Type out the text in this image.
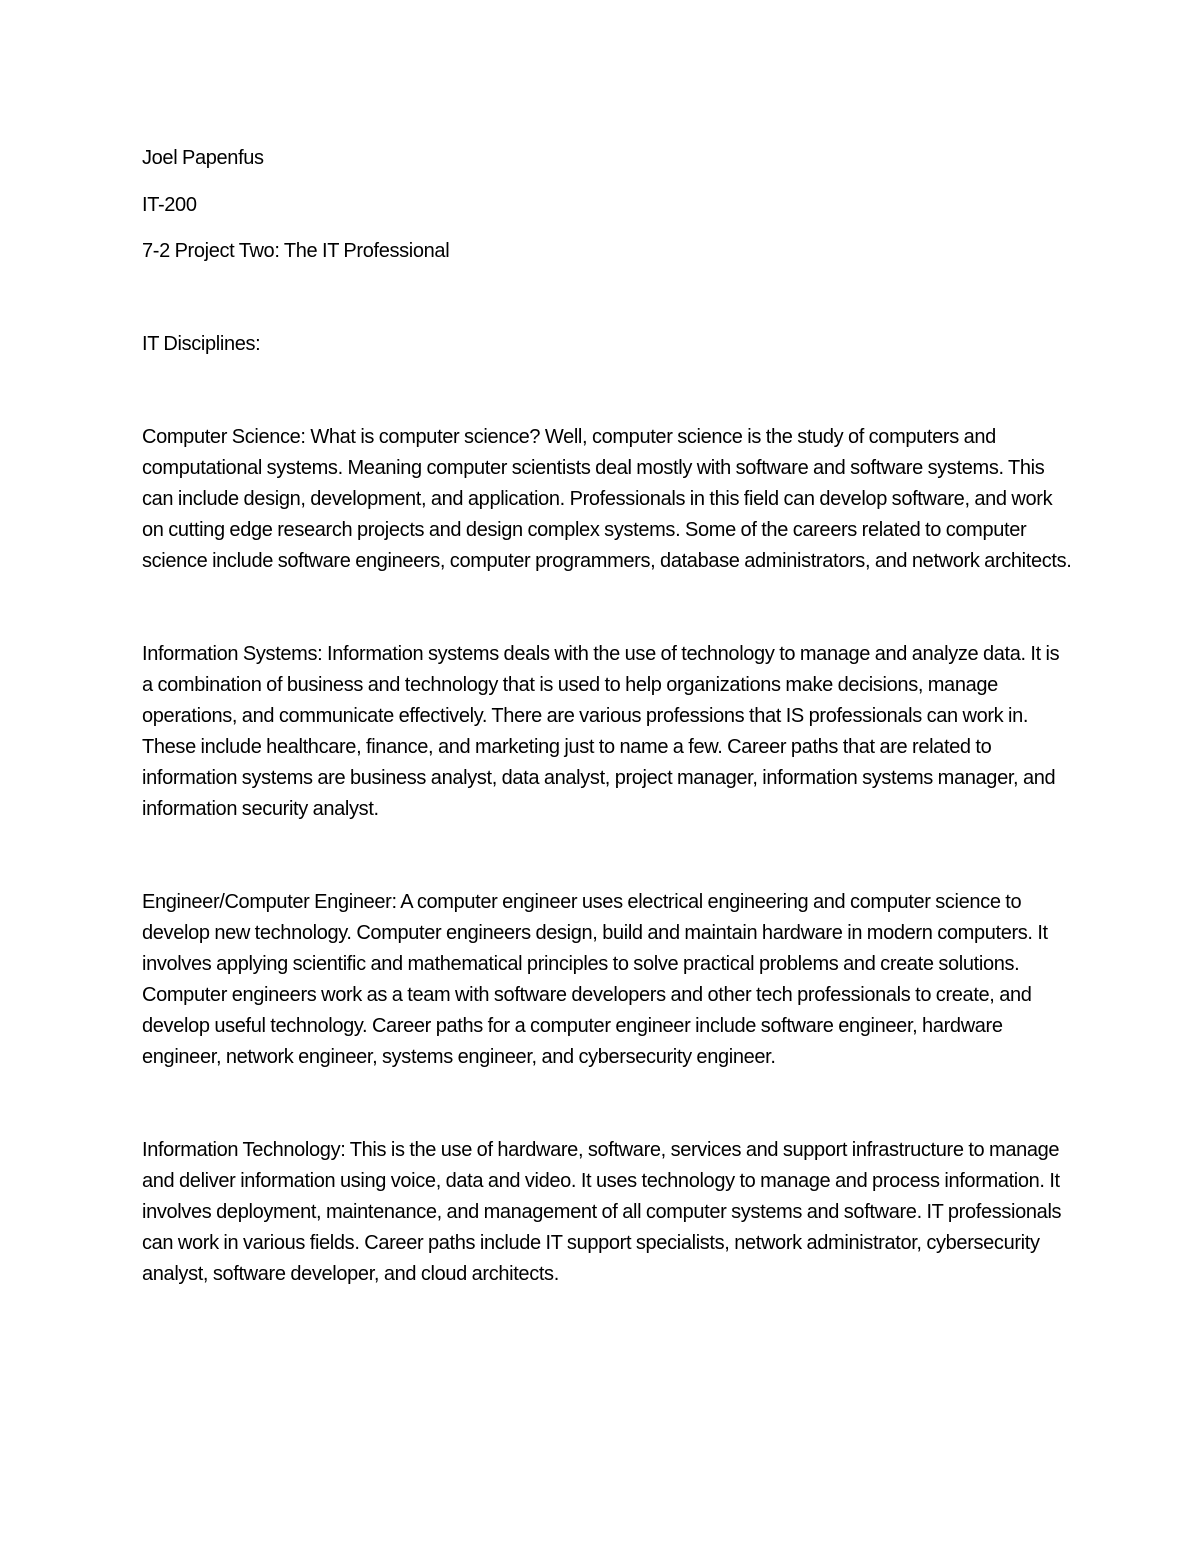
Joel Papenfus
IT-200
7-2 Project Two: The IT Professional
IT Disciplines:

Computer Science: What is computer science? Well, computer science is the study of computers and computational systems. Meaning computer scientists deal mostly with software and software systems. This can include design, development, and application. Professionals in this field can develop software, and work on cutting edge research projects and design complex systems. Some of the careers related to computer science include software engineers, computer programmers, database administrators, and network architects.

Information Systems: Information systems deals with the use of technology to manage and analyze data. It is a combination of business and technology that is used to help organizations make decisions, manage operations, and communicate effectively. There are various professions that IS professionals can work in. These include healthcare, finance, and marketing just to name a few. Career paths that are related to information systems are business analyst, data analyst, project manager, information systems manager, and information security analyst.

Engineer/Computer Engineer: A computer engineer uses electrical engineering and computer science to develop new technology. Computer engineers design, build and maintain hardware in modern computers. It involves applying scientific and mathematical principles to solve practical problems and create solutions. Computer engineers work as a team with software developers and other tech professionals to create, and develop useful technology. Career paths for a computer engineer include software engineer, hardware engineer, network engineer, systems engineer, and cybersecurity engineer.

Information Technology: This is the use of hardware, software, services and support infrastructure to manage and deliver information using voice, data and video. It uses technology to manage and process information. It involves deployment, maintenance, and management of all computer systems and software. IT professionals can work in various fields. Career paths include IT support specialists, network administrator, cybersecurity analyst, software developer, and cloud architects.
